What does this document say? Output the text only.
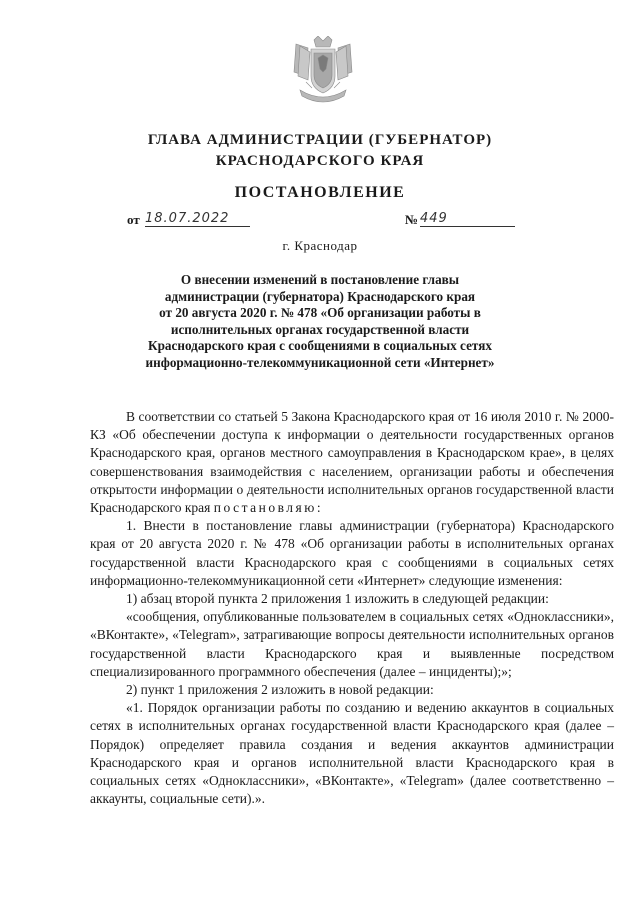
ГЛАВА АДМИНИСТРАЦИИ (ГУБЕРНАТОР)
КРАСНОДАРСКОГО КРАЯ
ПОСТАНОВЛЕНИЕ
от 18.07.2022	№ 449
г. Краснодар
О внесении изменений в постановление главы
администрации (губернатора) Краснодарского края
от 20 августа 2020 г. № 478 «Об организации работы в
исполнительных органах государственной власти
Краснодарского края с сообщениями в социальных сетях
информационно-телекоммуникационной сети «Интернет»

В соответствии со статьей 5 Закона Краснодарского края от 16 июля 2010 г. № 2000-КЗ «Об обеспечении доступа к информации о деятельности государственных органов Краснодарского края, органов местного самоуправления в Краснодарском крае», в целях совершенствования взаимодействия с населением, организации работы и обеспечения открытости информации о деятельности исполнительных органов государственной власти Краснодарского края постановляю:

1. Внести в постановление главы администрации (губернатора) Краснодарского края от 20 августа 2020 г. № 478 «Об организации работы в исполнительных органах государственной власти Краснодарского края с сообщениями в социальных сетях информационно-телекоммуникационной сети «Интернет» следующие изменения:

1) абзац второй пункта 2 приложения 1 изложить в следующей редакции:

«сообщения, опубликованные пользователем в социальных сетях «Одноклассники», «ВКонтакте», «Telegram», затрагивающие вопросы деятельности исполнительных органов государственной власти Краснодарского края и выявленные посредством специализированного программного обеспечения (далее – инциденты);»;

2) пункт 1 приложения 2 изложить в новой редакции:

«1. Порядок организации работы по созданию и ведению аккаунтов в социальных сетях в исполнительных органах государственной власти Краснодарского края (далее – Порядок) определяет правила создания и ведения аккаунтов администрации Краснодарского края и органов исполнительной власти Краснодарского края в социальных сетях «Одноклассники», «ВКонтакте», «Telegram» (далее соответственно – аккаунты, социальные сети).».
